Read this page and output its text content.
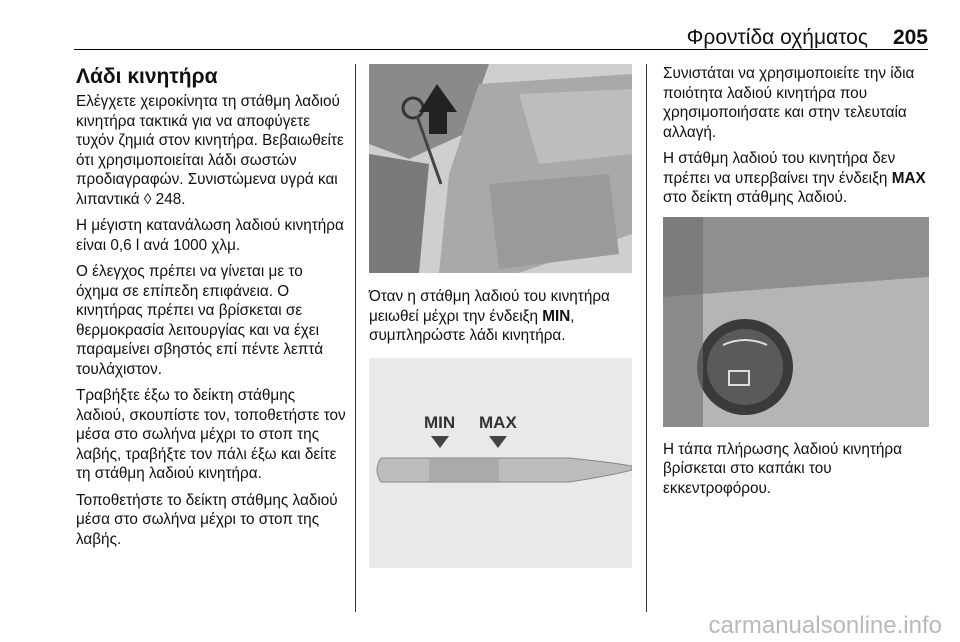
Φροντίδα οχήματος 205
Λάδι κινητήρα

Ελέγχετε χειροκίνητα τη στάθμη λαδιού κινητήρα τακτικά για να αποφύγετε τυχόν ζημιά στον κινητήρα. Βεβαιωθείτε ότι χρησιμοποιείται λάδι σωστών προδιαγραφών. Συνιστώμενα υγρά και λιπαντικά ◊ 248.

Η μέγιστη κατανάλωση λαδιού κινητήρα είναι 0,6 l ανά 1000 χλμ.

Ο έλεγχος πρέπει να γίνεται με το όχημα σε επίπεδη επιφάνεια. Ο κινητήρας πρέπει να βρίσκεται σε θερμοκρασία λειτουργίας και να έχει παραμείνει σβηστός επί πέντε λεπτά τουλάχιστον.

Τραβήξτε έξω το δείκτη στάθμης λαδιού, σκουπίστε τον, τοποθετήστε τον μέσα στο σωλήνα μέχρι το στοπ της λαβής, τραβήξτε τον πάλι έξω και δείτε τη στάθμη λαδιού κινητήρα.

Τοποθετήστε το δείκτη στάθμης λαδιού μέσα στο σωλήνα μέχρι το στοπ της λαβής.

Όταν η στάθμη λαδιού του κινητήρα μειωθεί μέχρι την ένδειξη MIN, συμπληρώστε λάδι κινητήρα.

MIN MAX

Συνιστάται να χρησιμοποιείτε την ίδια ποιότητα λαδιού κινητήρα που χρησιμοποιήσατε και στην τελευταία αλλαγή.

Η στάθμη λαδιού του κινητήρα δεν πρέπει να υπερβαίνει την ένδειξη MAX στο δείκτη στάθμης λαδιού.

Η τάπα πλήρωσης λαδιού κινητήρα βρίσκεται στο καπάκι του εκκεντροφόρου.

carmanualsonline.info
